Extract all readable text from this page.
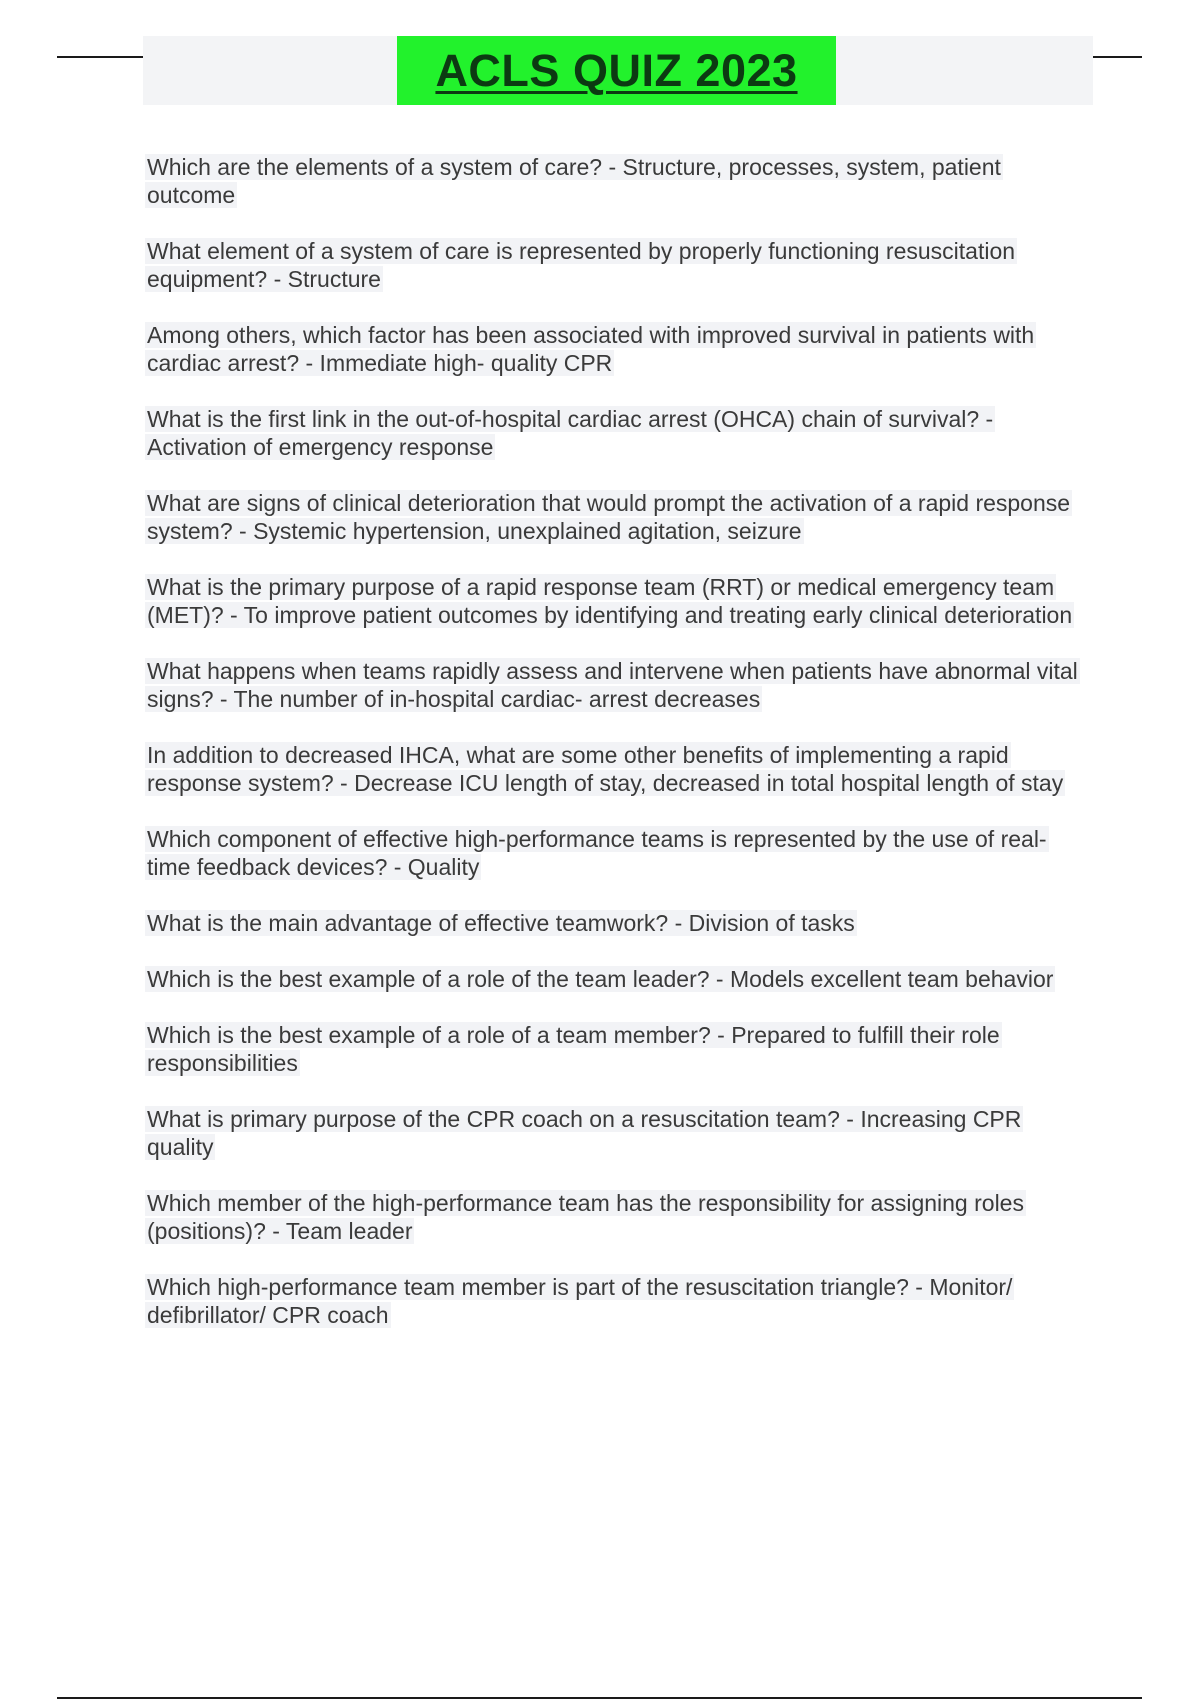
ACLS QUIZ 2023
Which are the elements of a system of care? - Structure, processes, system, patient outcome
What element of a system of care is represented by properly functioning resuscitation equipment? - Structure
Among others, which factor has been associated with improved survival in patients with cardiac arrest? - Immediate high- quality CPR
What is the first link in the out-of-hospital cardiac arrest (OHCA) chain of survival? - Activation of emergency response
What are signs of clinical deterioration that would prompt the activation of a rapid response system? - Systemic hypertension, unexplained agitation, seizure
What is the primary purpose of a rapid response team (RRT) or medical emergency team (MET)? - To improve patient outcomes by identifying and treating early clinical deterioration
What happens when teams rapidly assess and intervene when patients have abnormal vital signs? - The number of in-hospital cardiac- arrest decreases
In addition to decreased IHCA, what are some other benefits of implementing a rapid response system? - Decrease ICU length of stay, decreased in total hospital length of stay
Which component of effective high-performance teams is represented by the use of real-time feedback devices? - Quality
What is the main advantage of effective teamwork? - Division of tasks
Which is the best example of a role of the team leader? - Models excellent team behavior
Which is the best example of a role of a team member? - Prepared to fulfill their role responsibilities
What is primary purpose of the CPR coach on a resuscitation team? - Increasing CPR quality
Which member of the high-performance team has the responsibility for assigning roles (positions)? - Team leader
Which high-performance team member is part of the resuscitation triangle? - Monitor/ defibrillator/ CPR coach
